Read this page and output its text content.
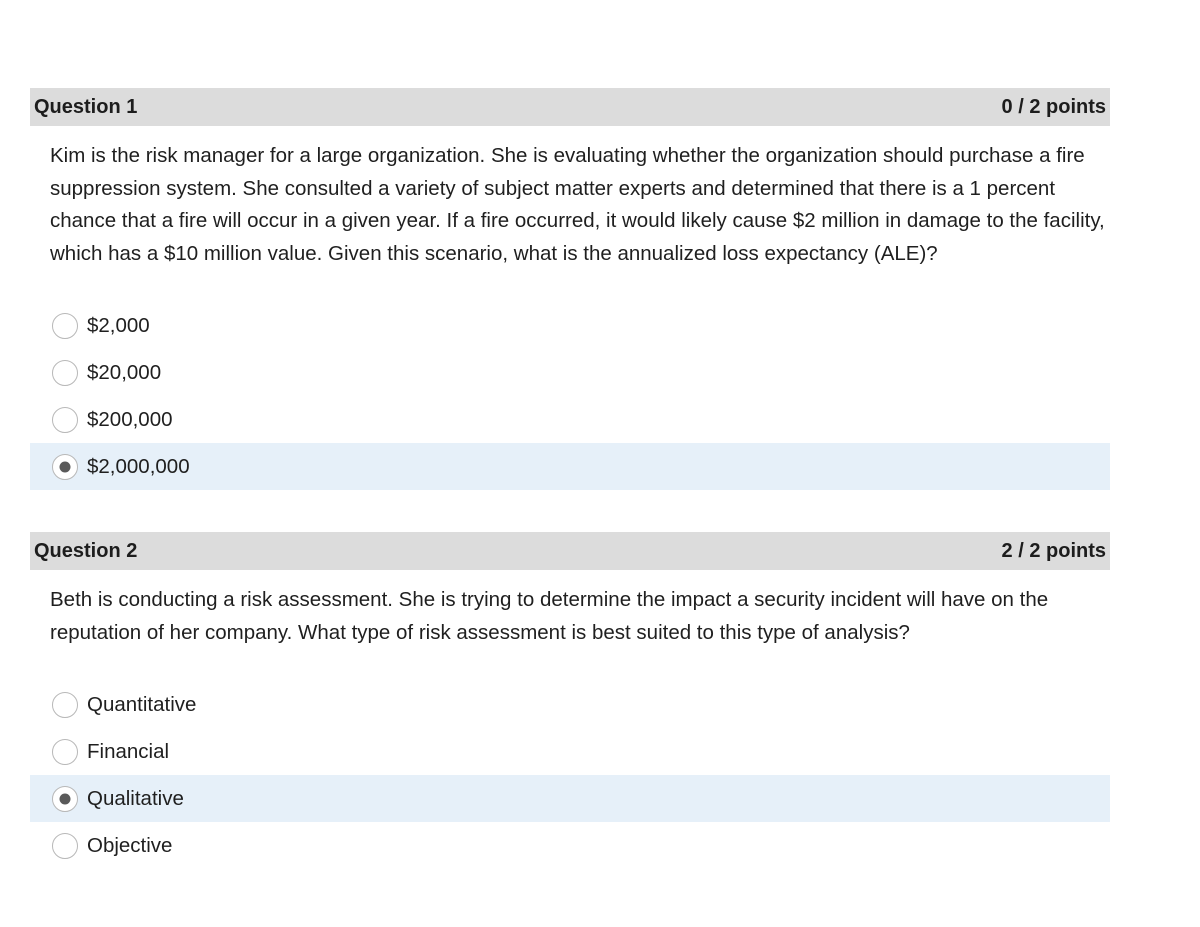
Question 1	0 / 2 points
Kim is the risk manager for a large organization. She is evaluating whether the organization should purchase a fire suppression system. She consulted a variety of subject matter experts and determined that there is a 1 percent chance that a fire will occur in a given year. If a fire occurred, it would likely cause $2 million in damage to the facility, which has a $10 million value. Given this scenario, what is the annualized loss expectancy (ALE)?
$2,000
$20,000
$200,000
$2,000,000
Question 2	2 / 2 points
Beth is conducting a risk assessment. She is trying to determine the impact a security incident will have on the reputation of her company. What type of risk assessment is best suited to this type of analysis?
Quantitative
Financial
Qualitative
Objective
